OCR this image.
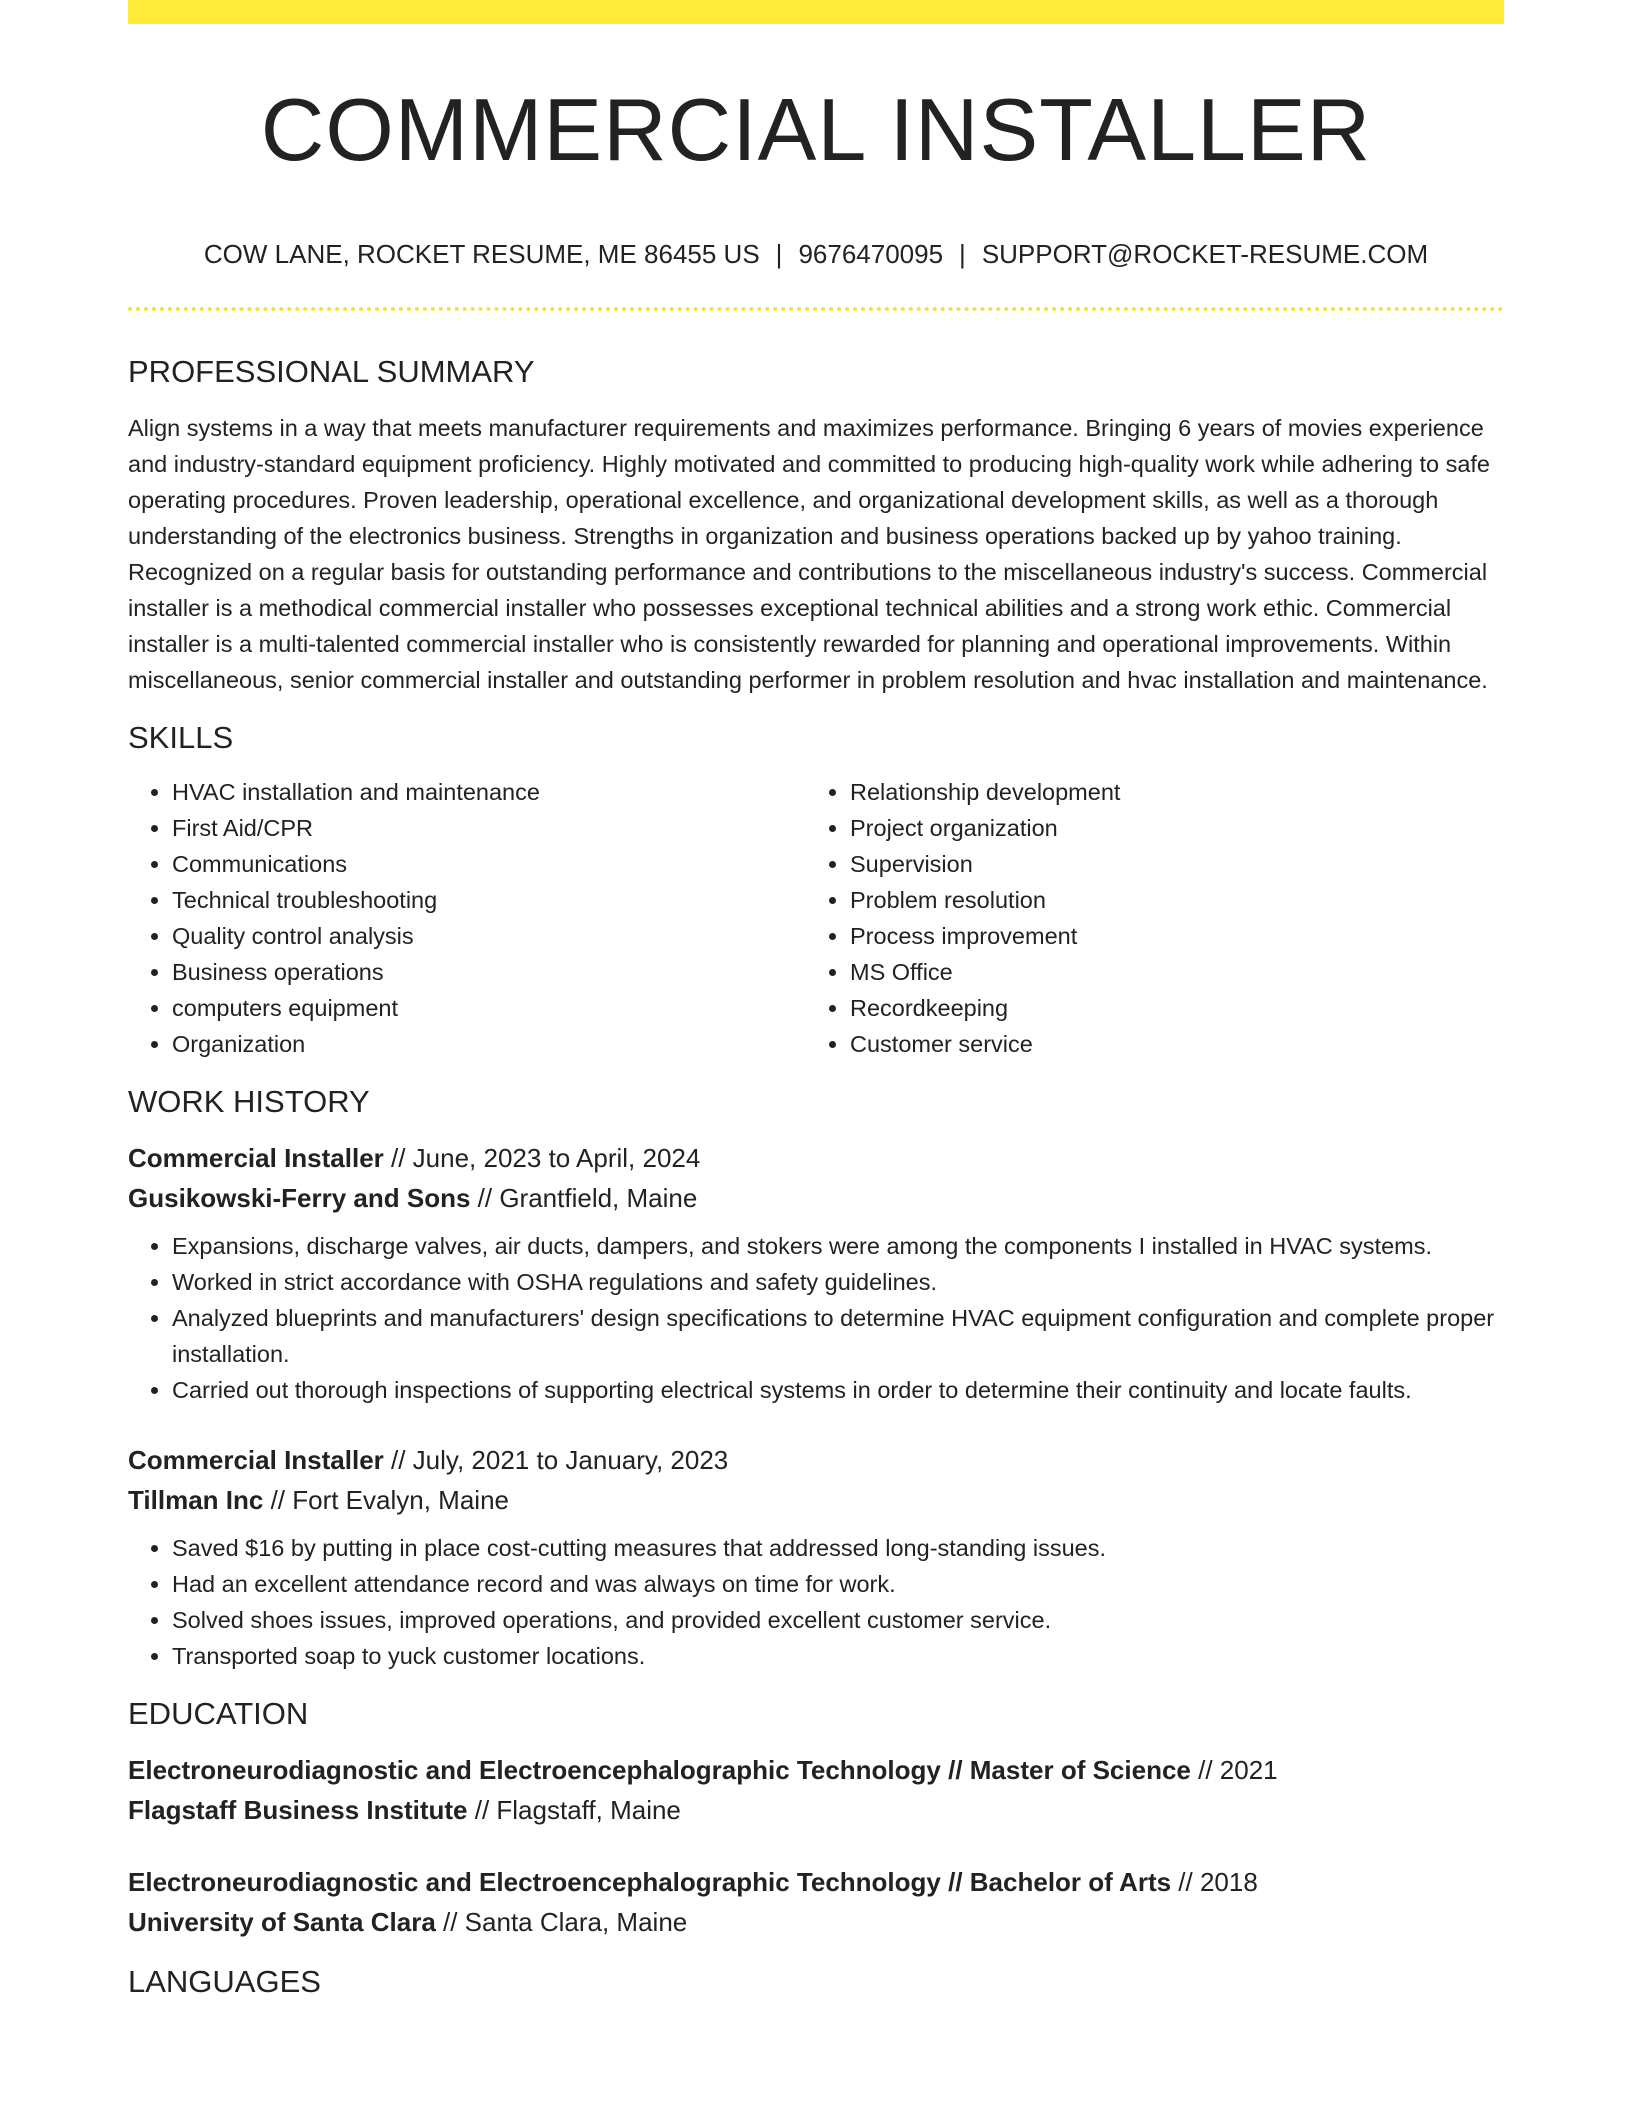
COMMERCIAL INSTALLER
COW LANE, ROCKET RESUME, ME 86455 US | 9676470095 | SUPPORT@ROCKET-RESUME.COM
PROFESSIONAL SUMMARY

Align systems in a way that meets manufacturer requirements and maximizes performance. Bringing 6 years of movies experience and industry-standard equipment proficiency. Highly motivated and committed to producing high-quality work while adhering to safe operating procedures. Proven leadership, operational excellence, and organizational development skills, as well as a thorough understanding of the electronics business. Strengths in organization and business operations backed up by yahoo training. Recognized on a regular basis for outstanding performance and contributions to the miscellaneous industry's success. Commercial installer is a methodical commercial installer who possesses exceptional technical abilities and a strong work ethic. Commercial installer is a multi-talented commercial installer who is consistently rewarded for planning and operational improvements. Within miscellaneous, senior commercial installer and outstanding performer in problem resolution and hvac installation and maintenance.

SKILLS
• HVAC installation and maintenance
• First Aid/CPR
• Communications
• Technical troubleshooting
• Quality control analysis
• Business operations
• computers equipment
• Organization
• Relationship development
• Project organization
• Supervision
• Problem resolution
• Process improvement
• MS Office
• Recordkeeping
• Customer service
WORK HISTORY
Commercial Installer // June, 2023 to April, 2024
Gusikowski-Ferry and Sons // Grantfield, Maine
• Expansions, discharge valves, air ducts, dampers, and stokers were among the components I installed in HVAC systems.
• Worked in strict accordance with OSHA regulations and safety guidelines.
• Analyzed blueprints and manufacturers' design specifications to determine HVAC equipment configuration and complete proper installation.
• Carried out thorough inspections of supporting electrical systems in order to determine their continuity and locate faults.
Commercial Installer // July, 2021 to January, 2023
Tillman Inc // Fort Evalyn, Maine
• Saved $16 by putting in place cost-cutting measures that addressed long-standing issues.
• Had an excellent attendance record and was always on time for work.
• Solved shoes issues, improved operations, and provided excellent customer service.
• Transported soap to yuck customer locations.
EDUCATION
Electroneurodiagnostic and Electroencephalographic Technology // Master of Science // 2021
Flagstaff Business Institute // Flagstaff, Maine
Electroneurodiagnostic and Electroencephalographic Technology // Bachelor of Arts // 2018
University of Santa Clara // Santa Clara, Maine
LANGUAGES
